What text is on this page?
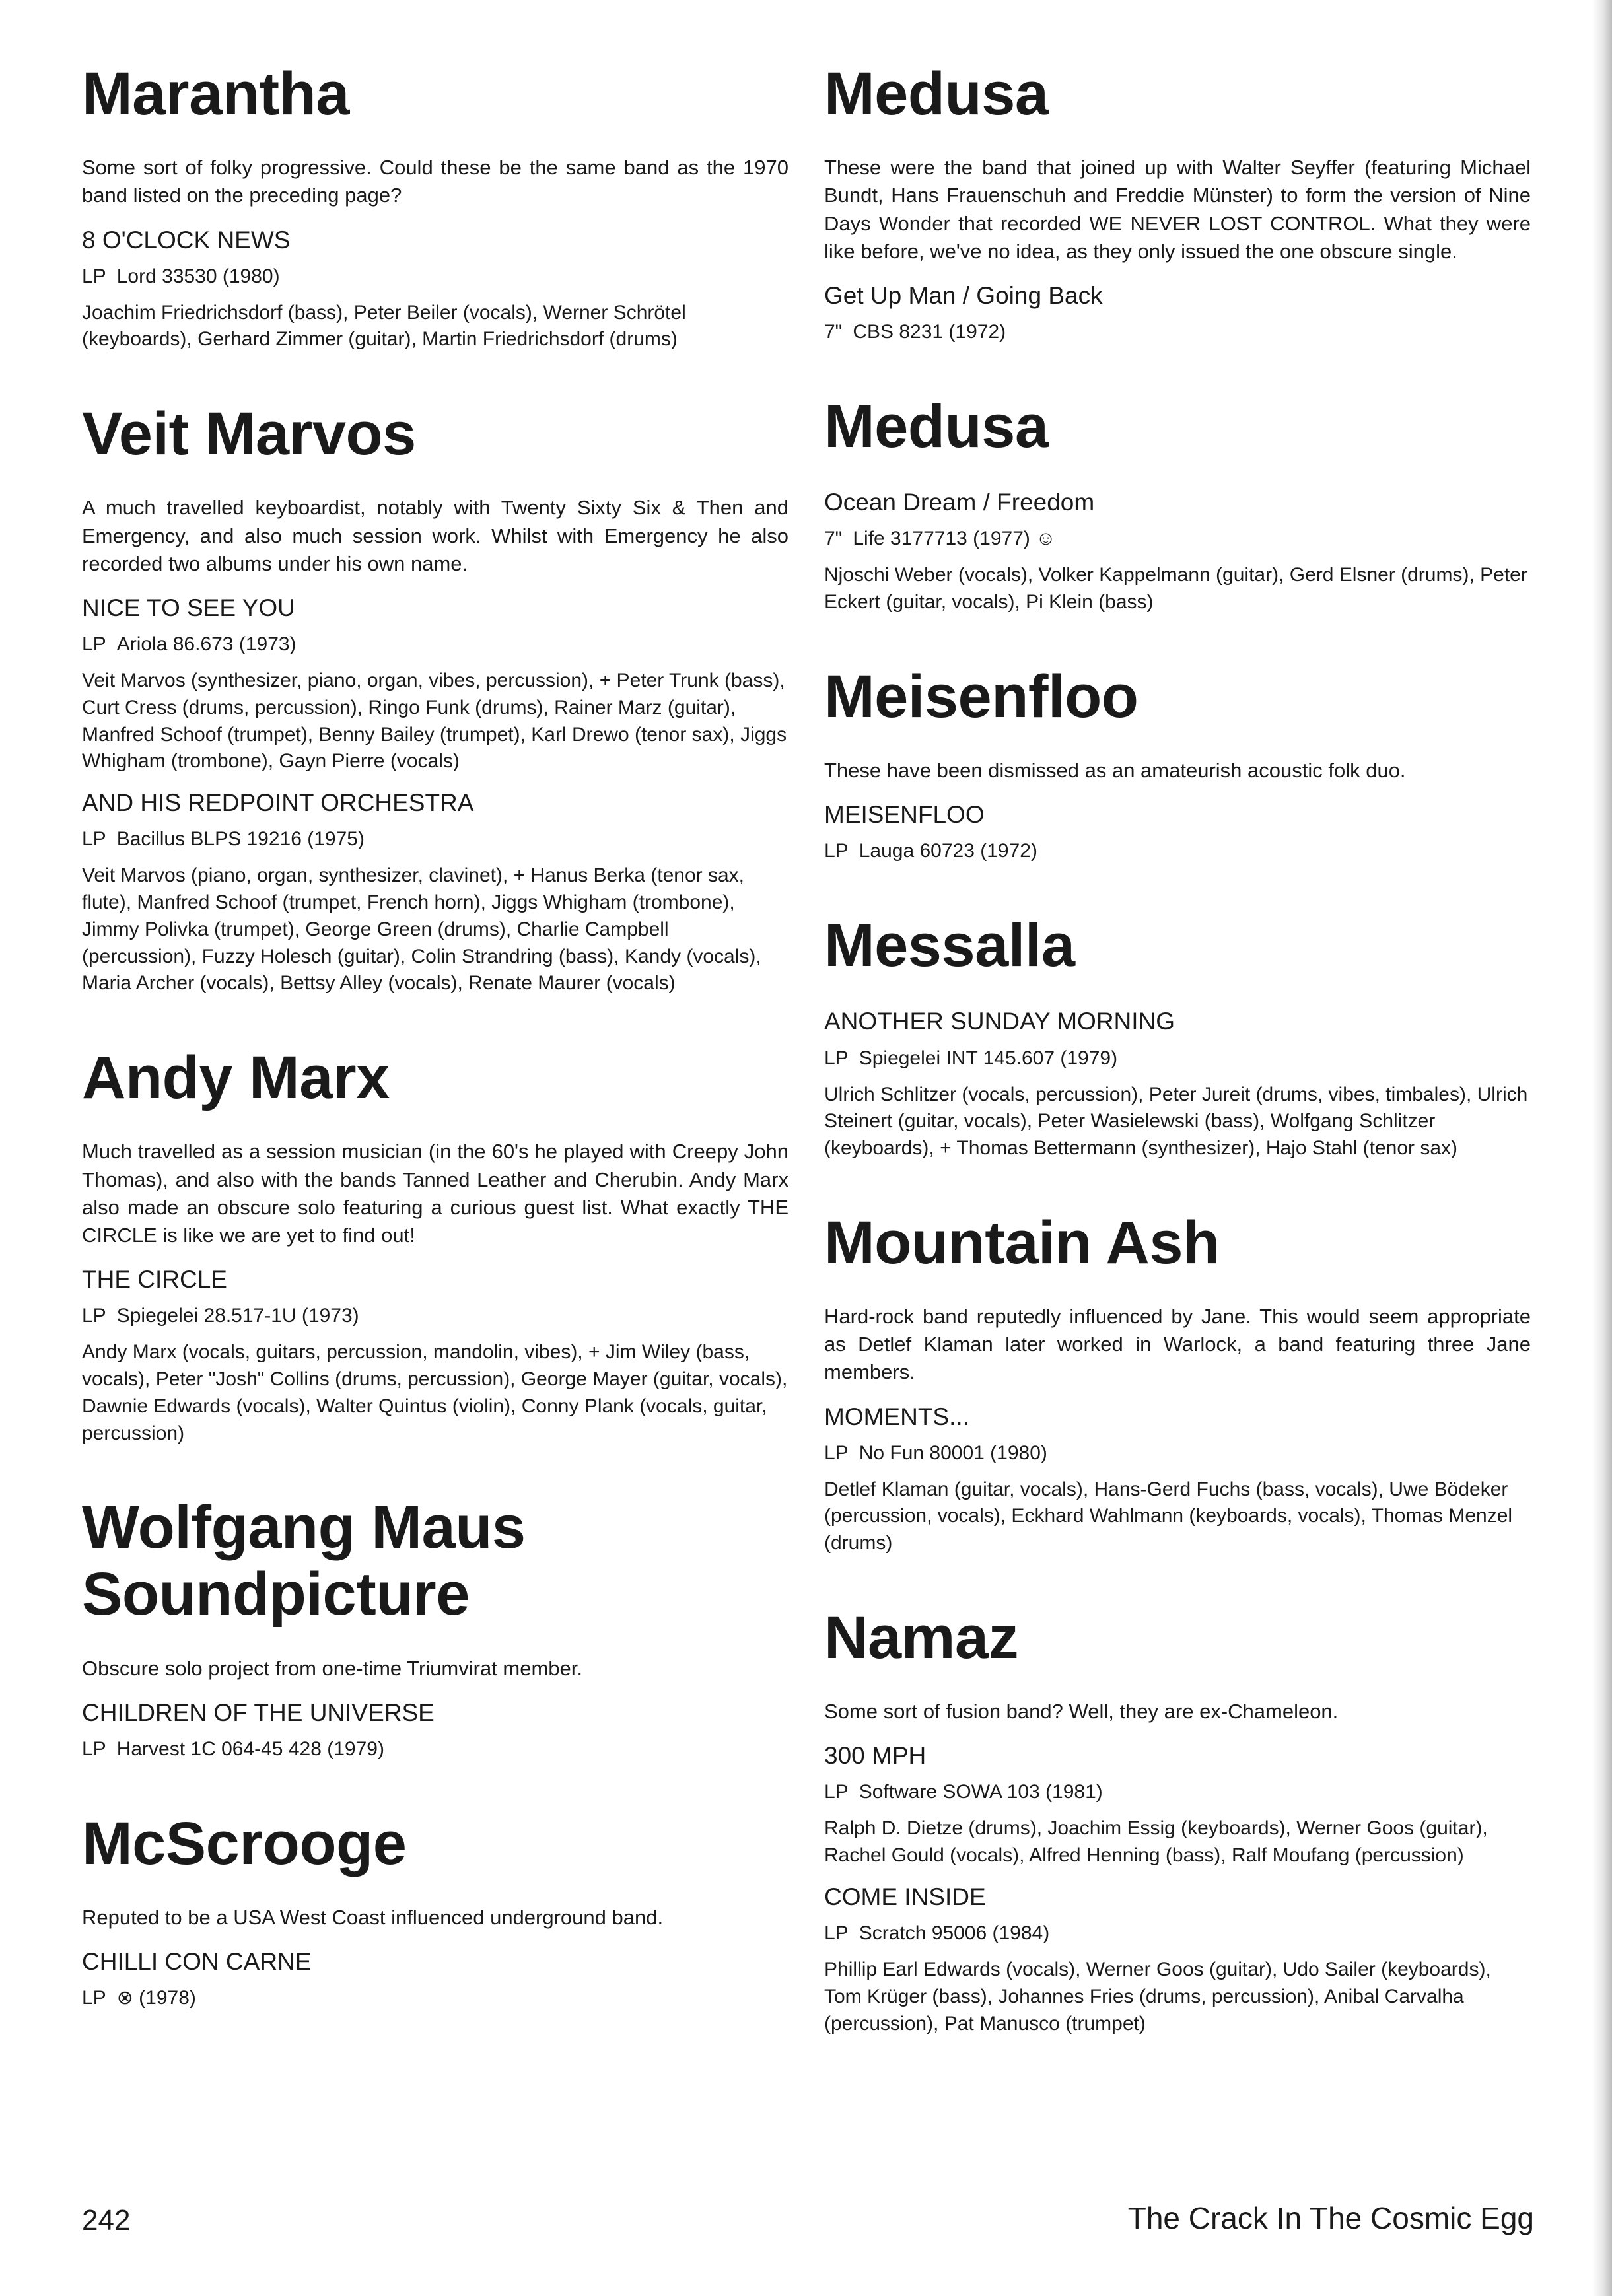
Marantha

Some sort of folky progressive. Could these be the same band as the 1970 band listed on the preceding page?

8 O'CLOCK NEWS
LP Lord 33530 (1980)

Joachim Friedrichsdorf (bass), Peter Beiler (vocals), Werner Schrötel (keyboards), Gerhard Zimmer (guitar), Martin Friedrichsdorf (drums)

Veit Marvos

A much travelled keyboardist, notably with Twenty Sixty Six & Then and Emergency, and also much session work. Whilst with Emergency he also recorded two albums under his own name.

NICE TO SEE YOU
LP Ariola 86.673 (1973)

Veit Marvos (synthesizer, piano, organ, vibes, percussion), + Peter Trunk (bass), Curt Cress (drums, percussion), Ringo Funk (drums), Rainer Marz (guitar), Manfred Schoof (trumpet), Benny Bailey (trumpet), Karl Drewo (tenor sax), Jiggs Whigham (trombone), Gayn Pierre (vocals)

AND HIS REDPOINT ORCHESTRA
LP Bacillus BLPS 19216 (1975)

Veit Marvos (piano, organ, synthesizer, clavinet), + Hanus Berka (tenor sax, flute), Manfred Schoof (trumpet, French horn), Jiggs Whigham (trombone), Jimmy Polivka (trumpet), George Green (drums), Charlie Campbell (percussion), Fuzzy Holesch (guitar), Colin Strandring (bass), Kandy (vocals), Maria Archer (vocals), Bettsy Alley (vocals), Renate Maurer (vocals)

Andy Marx

Much travelled as a session musician (in the 60's he played with Creepy John Thomas), and also with the bands Tanned Leather and Cherubin. Andy Marx also made an obscure solo featuring a curious guest list. What exactly THE CIRCLE is like we are yet to find out!

THE CIRCLE
LP Spiegelei 28.517-1U (1973)

Andy Marx (vocals, guitars, percussion, mandolin, vibes), + Jim Wiley (bass, vocals), Peter "Josh" Collins (drums, percussion), George Mayer (guitar, vocals), Dawnie Edwards (vocals), Walter Quintus (violin), Conny Plank (vocals, guitar, percussion)

Wolfgang Maus Soundpicture

Obscure solo project from one-time Triumvirat member.

CHILDREN OF THE UNIVERSE
LP Harvest 1C 064-45 428 (1979)
McScrooge

Reputed to be a USA West Coast influenced underground band.

CHILLI CON CARNE
LP ⊗ (1978)
Medusa

These were the band that joined up with Walter Seyffer (featuring Michael Bundt, Hans Frauenschuh and Freddie Münster) to form the version of Nine Days Wonder that recorded WE NEVER LOST CONTROL. What they were like before, we've no idea, as they only issued the one obscure single.

Get Up Man / Going Back
7" CBS 8231 (1972)
Medusa
Ocean Dream / Freedom
7" Life 3177713 (1977) ☺

Njoschi Weber (vocals), Volker Kappelmann (guitar), Gerd Elsner (drums), Peter Eckert (guitar, vocals), Pi Klein (bass)

Meisenfloo

These have been dismissed as an amateurish acoustic folk duo.

MEISENFLOO
LP Lauga 60723 (1972)
Messalla
ANOTHER SUNDAY MORNING
LP Spiegelei INT 145.607 (1979)

Ulrich Schlitzer (vocals, percussion), Peter Jureit (drums, vibes, timbales), Ulrich Steinert (guitar, vocals), Peter Wasielewski (bass), Wolfgang Schlitzer (keyboards), + Thomas Bettermann (synthesizer), Hajo Stahl (tenor sax)

Mountain Ash

Hard-rock band reputedly influenced by Jane. This would seem appropriate as Detlef Klaman later worked in Warlock, a band featuring three Jane members.

MOMENTS...
LP No Fun 80001 (1980)

Detlef Klaman (guitar, vocals), Hans-Gerd Fuchs (bass, vocals), Uwe Bödeker (percussion, vocals), Eckhard Wahlmann (keyboards, vocals), Thomas Menzel (drums)

Namaz

Some sort of fusion band? Well, they are ex-Chameleon.

300 MPH
LP Software SOWA 103 (1981)

Ralph D. Dietze (drums), Joachim Essig (keyboards), Werner Goos (guitar), Rachel Gould (vocals), Alfred Henning (bass), Ralf Moufang (percussion)

COME INSIDE
LP Scratch 95006 (1984)

Phillip Earl Edwards (vocals), Werner Goos (guitar), Udo Sailer (keyboards), Tom Krüger (bass), Johannes Fries (drums, percussion), Anibal Carvalha (percussion), Pat Manusco (trumpet)

242	The Crack In The Cosmic Egg
